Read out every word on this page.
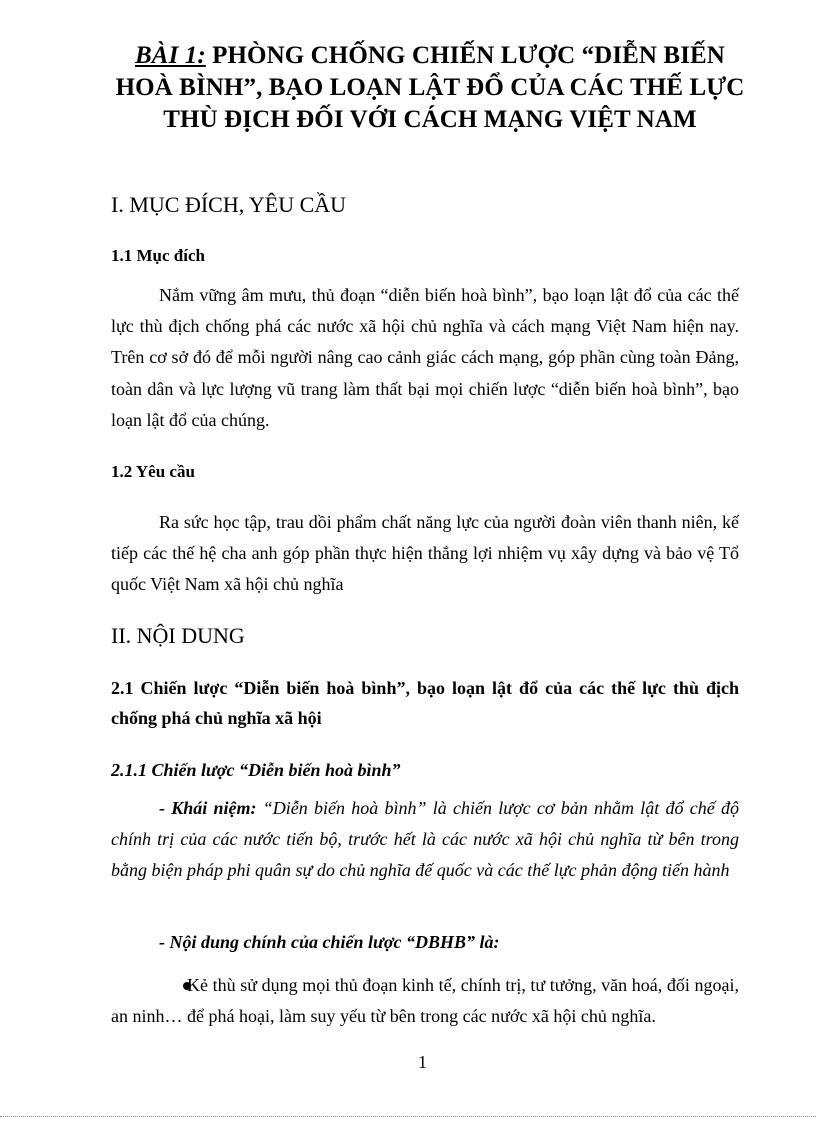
BÀI 1: PHÒNG CHỐNG CHIẾN LƯỢC “DIỄN BIẾN
HOÀ BÌNH”, BẠO LOẠN LẬT ĐỔ CỦA CÁC THẾ LỰC
THÙ ĐỊCH ĐỐI VỚI CÁCH MẠNG VIỆT NAM
I. MỤC ĐÍCH, YÊU CẦU
1.1 Mục đích
Nắm vững âm mưu, thủ đoạn “diễn biến hoà bình”, bạo loạn lật đổ của các thế lực thù địch chống phá các nước xã hội chủ nghĩa và cách mạng Việt Nam hiện nay. Trên cơ sở đó để mỗi người nâng cao cảnh giác cách mạng, góp phần cùng toàn Đảng, toàn dân và lực lượng vũ trang làm thất bại mọi chiến lược “diễn biến hoà bình”, bạo loạn lật đổ của chúng.
1.2 Yêu cầu
Ra sức học tập, trau dồi phẩm chất năng lực của người đoàn viên thanh niên, kế tiếp các thế hệ cha anh góp phần thực hiện thắng lợi nhiệm vụ xây dựng và bảo vệ Tổ quốc Việt Nam xã hội chủ nghĩa
II. NỘI DUNG
2.1 Chiến lược “Diễn biến hoà bình”, bạo loạn lật đổ của các thế lực thù địch chống phá chủ nghĩa xã hội
2.1.1 Chiến lược “Diễn biến hoà bình”
- Khái niệm: “Diễn biến hoà bình” là chiến lược cơ bản nhằm lật đổ chế độ chính trị của các nước tiến bộ, trước hết là các nước xã hội chủ nghĩa từ bên trong bằng biện pháp phi quân sự do chủ nghĩa đế quốc và các thế lực phản động tiến hành
- Nội dung chính của chiến lược “DBHB” là:
Kẻ thù sử dụng mọi thủ đoạn kinh tế, chính trị, tư tưởng, văn hoá, đối ngoại, an ninh… để phá hoại, làm suy yếu từ bên trong các nước xã hội chủ nghĩa.
1
